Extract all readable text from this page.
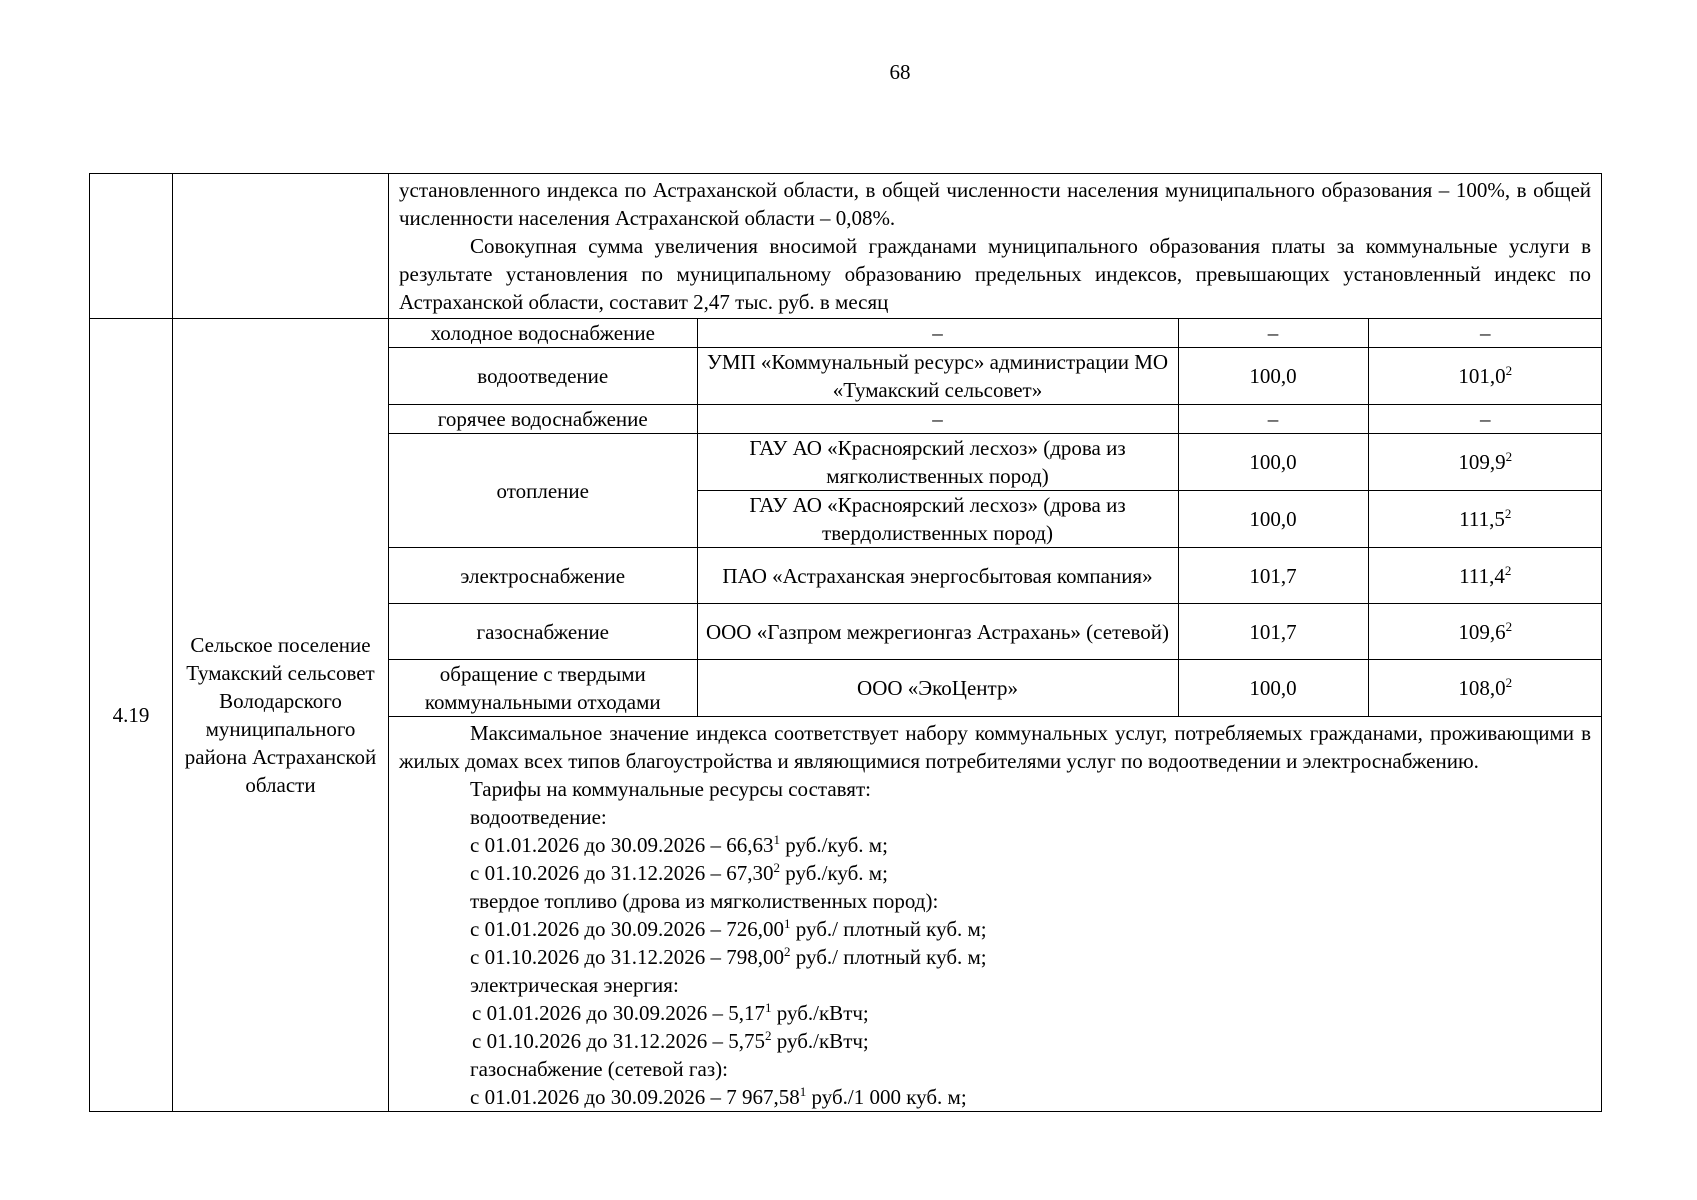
68

установленного индекса по Астраханской области, в общей численности населения муниципального образования – 100%, в общей численности населения Астраханской области – 0,08%.
Совокупная сумма увеличения вносимой гражданами муниципального образования платы за коммунальные услуги в результате установления по муниципальному образованию предельных индексов, превышающих установленный индекс по Астраханской области, составит 2,47 тыс. руб. в месяц

4.19	Сельское поселение Тумакский сельсовет Володарского муниципального района Астраханской области	
холодное водоснабжение	–	–	–
водоотведение	УМП «Коммунальный ресурс» администрации МО «Тумакский сельсовет»	100,0	101,0$^2$
горячее водоснабжение	–	–	–
отопление	ГАУ АО «Красноярский лесхоз» (дрова из мягколиственных пород)	100,0	109,9$^2$
ГАУ АО «Красноярский лесхоз» (дрова из твердолиственных пород)	100,0	111,5$^2$
электроснабжение	ПАО «Астраханская энергосбытовая компания»	101,7	111,4$^2$
газоснабжение	ООО «Газпром межрегионгаз Астрахань» (сетевой)	101,7	109,6$^2$
обращение с твердыми коммунальными отходами	ООО «ЭкоЦентр»	100,0	108,0$^2$
Максимальное значение индекса соответствует набору коммунальных услуг, потребляемых гражданами, проживающими в жилых домах всех типов благоустройства и являющимися потребителями услуг по водоотведении и электроснабжению.
Тарифы на коммунальные ресурсы составят:
водоотведение:
с 01.01.2026 до 30.09.2026 – 66,63$^1$ руб./куб. м;
с 01.10.2026 до 31.12.2026 – 67,30$^2$ руб./куб. м;
твердое топливо (дрова из мягколиственных пород):
с 01.01.2026 до 30.09.2026 – 726,00$^1$ руб./ плотный куб. м;
с 01.10.2026 до 31.12.2026 – 798,00$^2$ руб./ плотный куб. м;
электрическая энергия:
с 01.01.2026 до 30.09.2026 – 5,17$^1$ руб./кВтч;
с 01.10.2026 до 31.12.2026 – 5,75$^2$ руб./кВтч;
газоснабжение (сетевой газ):
с 01.01.2026 до 30.09.2026 – 7 967,58$^1$ руб./1 000 куб. м;
